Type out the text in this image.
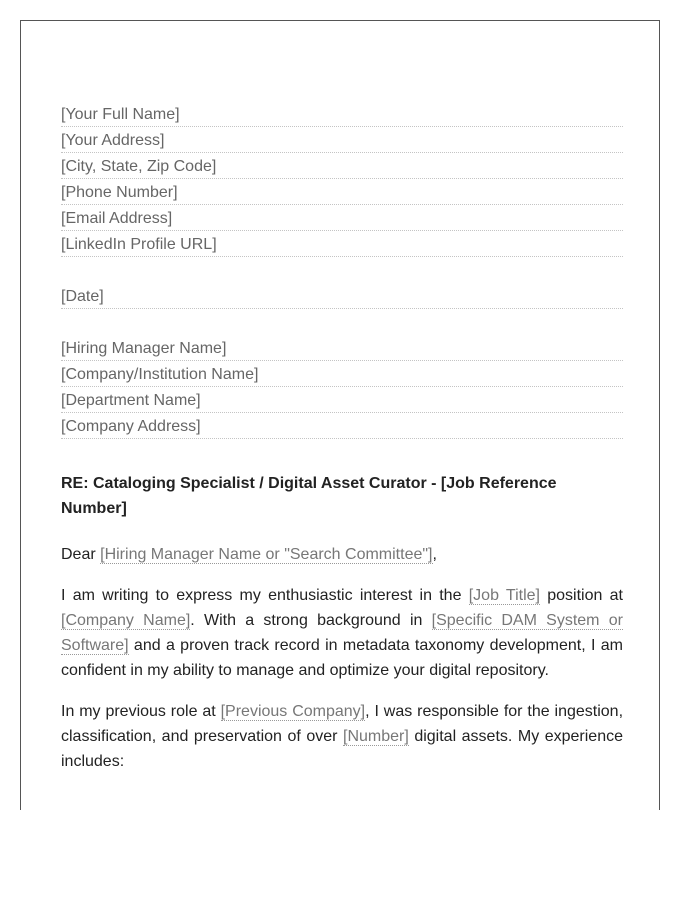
[Your Full Name]
[Your Address]
[City, State, Zip Code]
[Phone Number]
[Email Address]
[LinkedIn Profile URL]
[Date]
[Hiring Manager Name]
[Company/Institution Name]
[Department Name]
[Company Address]
RE: Cataloging Specialist / Digital Asset Curator - [Job Reference
Number]
Dear [Hiring Manager Name or "Search Committee"],
I am writing to express my enthusiastic interest in the [Job Title] position at [Company Name]. With a strong background in [Specific DAM System or Software] and a proven track record in metadata taxonomy development, I am confident in my ability to manage and optimize your digital repository.
In my previous role at [Previous Company], I was responsible for the ingestion, classification, and preservation of over [Number] digital assets. My experience includes:
